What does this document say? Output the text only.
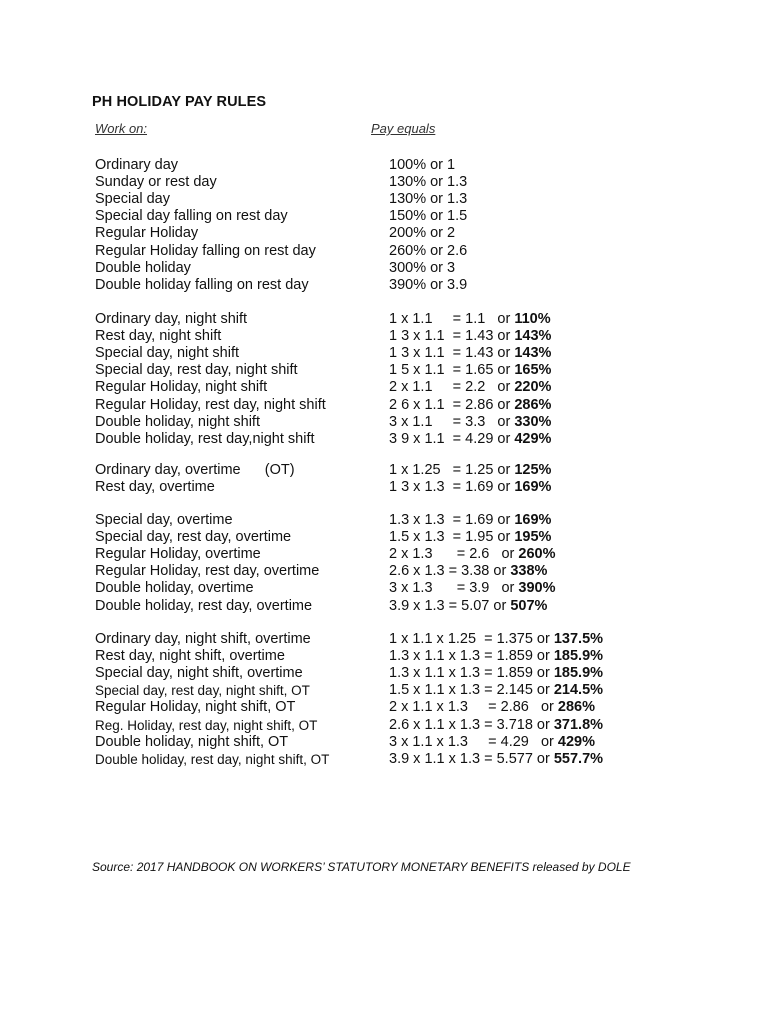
PH HOLIDAY PAY RULES
Work on:	Pay equals
Ordinary day	100% or 1
Sunday or rest day	130% or 1.3
Special day	130% or 1.3
Special day falling on rest day	150% or 1.5
Regular Holiday	200% or 2
Regular Holiday falling on rest day	260% or 2.6
Double holiday	300% or 3
Double holiday falling on rest day	390% or 3.9
Ordinary day, night shift	1 x 1.1     = 1.1   or 110%
Rest day, night shift	1 3 x 1.1  = 1.43 or 143%
Special day, night shift	1 3 x 1.1  = 1.43 or 143%
Special day, rest day, night shift	1 5 x 1.1  = 1.65 or 165%
Regular Holiday, night shift	2 x 1.1     = 2.2   or 220%
Regular Holiday, rest day, night shift	2 6 x 1.1  = 2.86 or 286%
Double holiday, night shift	3 x 1.1     = 3.3   or 330%
Double holiday, rest day,night shift	3 9 x 1.1  = 4.29 or 429%
Ordinary day, overtime      (OT)	1 x 1.25   = 1.25 or 125%
Rest day, overtime	1 3 x 1.3  = 1.69 or 169%
Special day, overtime	1.3 x 1.3  = 1.69 or 169%
Special day, rest day, overtime	1.5 x 1.3  = 1.95 or 195%
Regular Holiday, overtime	2 x 1.3      = 2.6   or 260%
Regular Holiday, rest day, overtime	2.6 x 1.3 = 3.38 or 338%
Double holiday, overtime	3 x 1.3      = 3.9   or 390%
Double holiday, rest day, overtime	3.9 x 1.3 = 5.07 or 507%
Ordinary day, night shift, overtime	1 x 1.1 x 1.25  = 1.375 or 137.5%
Rest day, night shift, overtime	1.3 x 1.1 x 1.3 = 1.859 or 185.9%
Special day, night shift, overtime	1.3 x 1.1 x 1.3 = 1.859 or 185.9%
Special day, rest day, night shift, OT	1.5 x 1.1 x 1.3 = 2.145 or 214.5%
Regular Holiday, night shift, OT	2 x 1.1 x 1.3     = 2.86   or 286%
Reg. Holiday, rest day, night shift, OT	2.6 x 1.1 x 1.3 = 3.718 or 371.8%
Double holiday, night shift, OT	3 x 1.1 x 1.3     = 4.29   or 429%
Double holiday, rest day, night shift, OT	3.9 x 1.1 x 1.3 = 5.577 or 557.7%
Source: 2017 HANDBOOK ON WORKERS’ STATUTORY MONETARY BENEFITS released by DOLE
